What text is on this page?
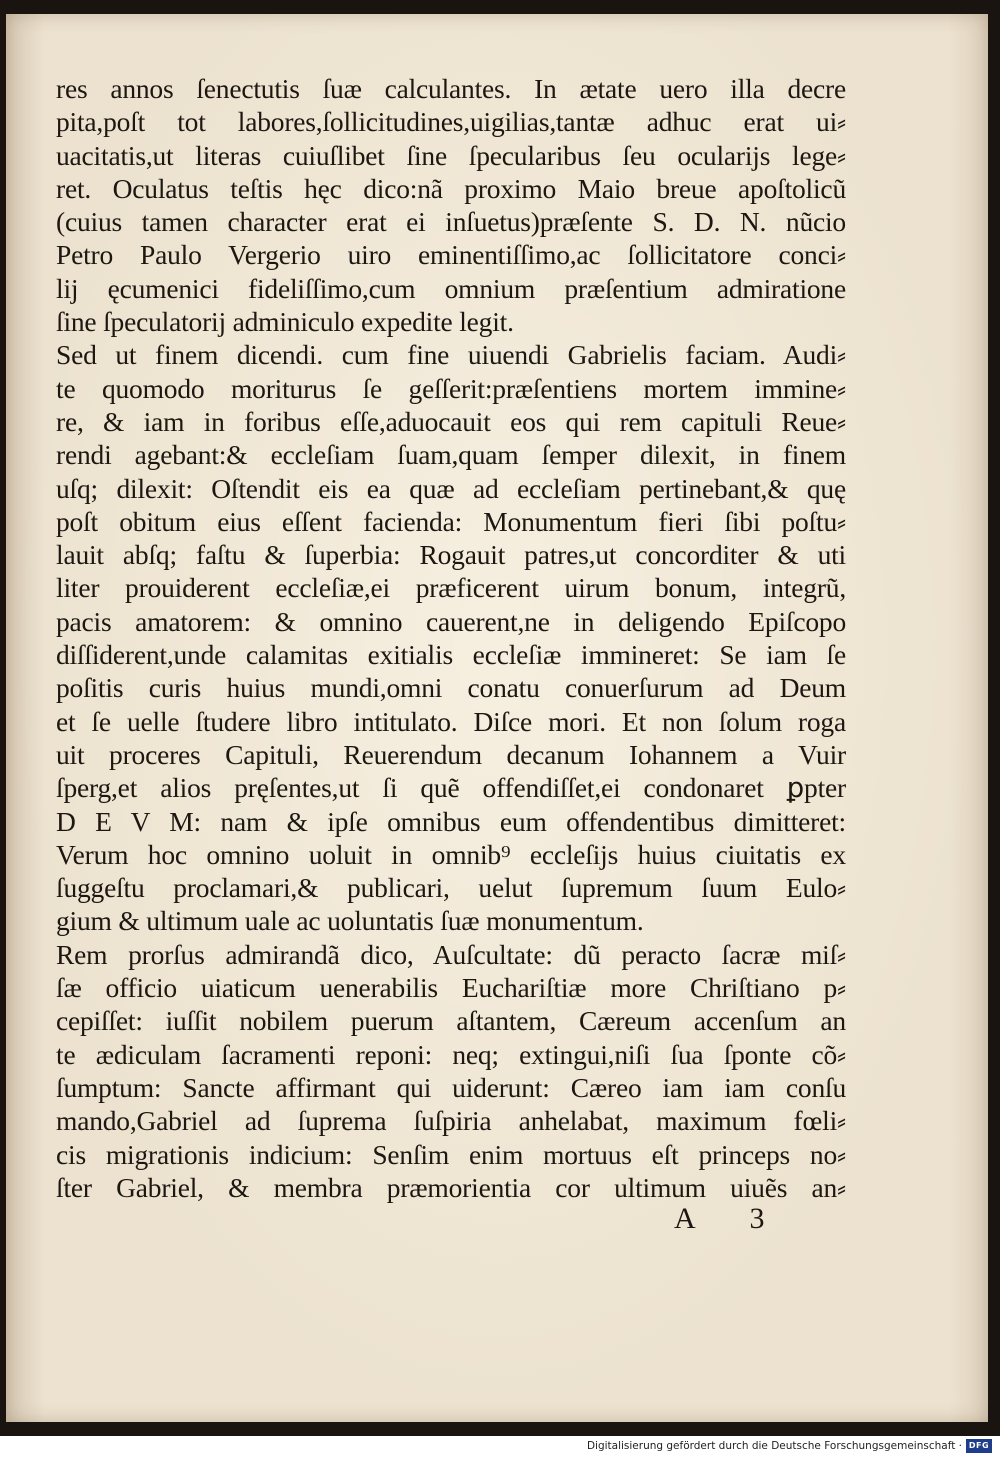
res annos ſenectutis ſuæ calculantes. In ætate uero illa decre
pita,poſt tot labores,ſollicitudines,uigilias,tantæ adhuc erat ui⸗
uacitatis,ut literas cuiuſlibet ſine ſpecularibus ſeu ocularijs lege⸗
ret. Oculatus teſtis hęc dico:nã proximo Maio breue apoſtolicũ
(cuius tamen character erat ei inſuetus)præſente S. D. N. nũcio
Petro Paulo Vergerio uiro eminentiſſimo,ac ſollicitatore conci⸗
lij ęcumenici fideliſſimo,cum omnium præſentium admiratione
ſine ſpeculatorij adminiculo expedite legit.
Sed ut finem dicendi. cum fine uiuendi Gabrielis faciam. Audi⸗
te quomodo moriturus ſe geſſerit:præſentiens mortem immine⸗
re, & iam in foribus eſſe,aduocauit eos qui rem capituli Reue⸗
rendi agebant:& eccleſiam ſuam,quam ſemper dilexit, in finem
uſq; dilexit: Oſtendit eis ea quæ ad eccleſiam pertinebant,& quę
poſt obitum eius eſſent facienda: Monumentum fieri ſibi poſtu⸗
lauit abſq; faſtu & ſuperbia: Rogauit patres,ut concorditer & uti
liter prouiderent eccleſiæ,ei præficerent uirum bonum, integrũ,
pacis amatorem: & omnino cauerent,ne in deligendo Epiſcopo
diſſiderent,unde calamitas exitialis eccleſiæ immineret: Se iam ſe
poſitis curis huius mundi,omni conatu conuerſurum ad Deum
et ſe uelle ſtudere libro intitulato. Diſce mori. Et non ſolum roga
uit proceres Capituli, Reuerendum decanum Iohannem a Vuir
ſperg,et alios pręſentes,ut ſi quẽ offendiſſet,ei condonaret ꝑpter
D E V M: nam & ipſe omnibus eum offendentibus dimitteret:
Verum hoc omnino uoluit in omnib⁹ eccleſijs huius ciuitatis ex
ſuggeſtu proclamari,& publicari, uelut ſupremum ſuum Eulo⸗
gium & ultimum uale ac uoluntatis ſuæ monumentum.
Rem prorſus admirandã dico, Auſcultate: dũ peracto ſacræ miſ⸗
ſæ officio uiaticum uenerabilis Euchariſtiæ more Chriſtiano p⸗
cepiſſet: iuſſit nobilem puerum aſtantem, Cæreum accenſum an
te ædiculam ſacramenti reponi: neq; extingui,niſi ſua ſponte cõ⸗
ſumptum: Sancte affirmant qui uiderunt: Cæreo iam iam conſu
mando,Gabriel ad ſuprema ſuſpiria anhelabat, maximum fœli⸗
cis migrationis indicium: Senſim enim mortuus eſt princeps no⸗
ſter Gabriel, & membra præmorientia cor ultimum uiuẽs an⸗
A 3
Digitalisierung gefördert durch die Deutsche Forschungsgemeinschaft · DFG
